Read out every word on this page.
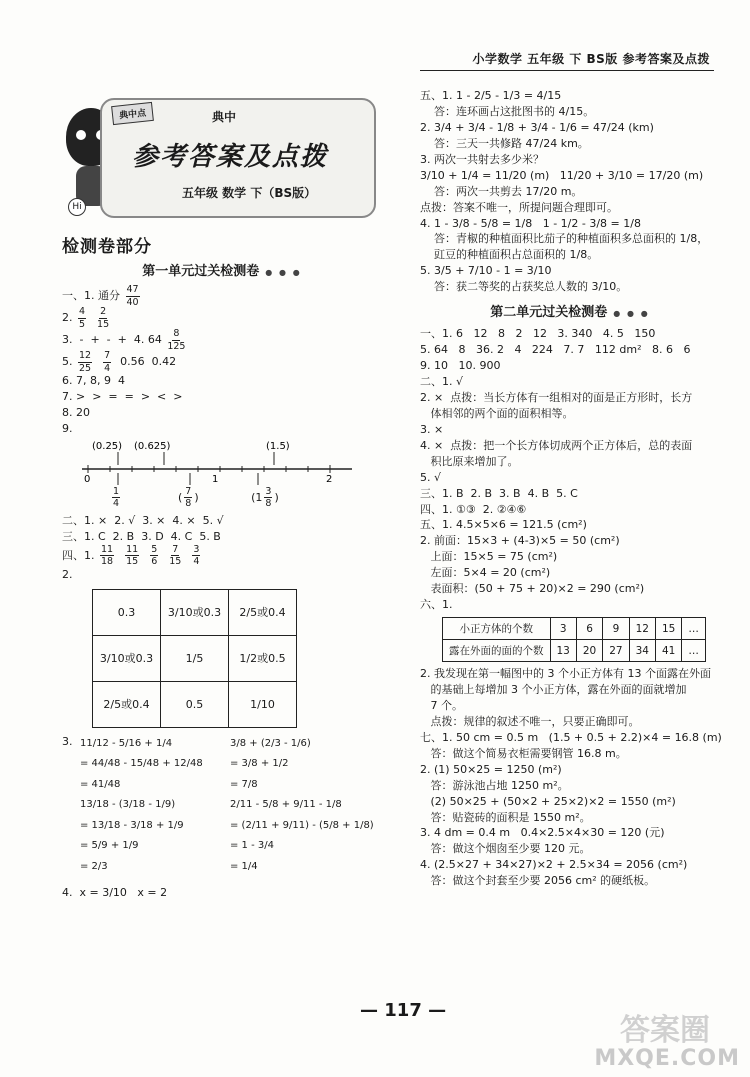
小学数学 五年级 下 BS版 参考答案及点拨
Hi
典中点	典中
参考答案及点拨
五年级 数学 下（BS版）
检测卷部分
第一单元过关检测卷 ● ● ●
一、1. 通分 $\frac{47}{40}$
2. $\frac{4}{5}$
$\frac{2}{15}$
3.  -  +  -  +  4. $64 \frac{8}{125}$
5. $\frac{12}{25}$
$\frac{7}{4} 0.56$  0.42
6. 7, 8, 9  4
7. >  >  =  =  >  <  >
8. 20
9.
(0.25) (0.625)	(1.5)
0	1	2
$\frac{1}{4}$ ( $\frac{7}{8}$ )               ($1 \frac{3}{8}$ )
二、1. ×  2. √  3. ×  4. ×  5. √
三、1. C  2. B  3. D  4. C  5. B
四、1. $\frac{11}{18}$
$\frac{11}{15}$
$\frac{5}{6}$
$\frac{7}{15}$
$\frac{3}{4}$
2.
0.3	3/10或0.3	2/5或0.4
3/10或0.3	1/5	1/2或0.5
2/5或0.4	0.5	1/10
3. 11/12 - 5/16 + 1/4
= 44/48 - 15/48 + 12/48
= 41/48
13/18 - (3/18 - 1/9)
= 13/18 - 3/18 + 1/9
= 5/9 + 1/9
= 2/3
3/8 + (2/3 - 1/6)
= 3/8 + 1/2
= 7/8
2/11 - 5/8 + 9/11 - 1/8
= (2/11 + 9/11) - (5/8 + 1/8)
= 1 - 3/4
= 1/4
4.  x = 3/10   x = 2
五、1. 1 - 2/5 - 1/3 = 4/15
答：连环画占这批图书的 4/15。
2. 3/4 + 3/4 - 1/8 + 3/4 - 1/6 = 47/24 (km)
答：三天一共修路 47/24 km。
3. 两次一共射去多少米？
3/10 + 1/4 = 11/20 (m)   11/20 + 3/10 = 17/20 (m)
答：两次一共剪去 17/20 m。
点拨：答案不唯一，所提问题合理即可。
4. 1 - 3/8 - 5/8 = 1/8   1 - 1/2 - 3/8 = 1/8
答：青椒的种植面积比茄子的种植面积多总面积的 1/8，
豇豆的种植面积占总面积的 1/8。
5. 3/5 + 7/10 - 1 = 3/10
答：获二等奖的占获奖总人数的 3/10。
第二单元过关检测卷 ● ● ●
一、1. 6   12   8   2   12   3. 340   4. 5   150
5. 64   8   36. 2   4   224   7. 7   112 dm²   8. 6   6
9. 10   10. 900
二、1. √
2. ×  点拨：当长方体有一组相对的面是正方形时，长方
体相邻的两个面的面积相等。
3. ×
4. ×  点拨：把一个长方体切成两个正方体后，总的表面
积比原来增加了。
5. √
三、1. B  2. B  3. B  4. B  5. C
四、1. ①③  2. ②④⑥
五、1. 4.5×5×6 = 121.5 (cm²)
2. 前面：15×3 + (4-3)×5 = 50 (cm²)
上面：15×5 = 75 (cm²)
左面：5×4 = 20 (cm²)
表面积：(50 + 75 + 20)×2 = 290 (cm²)
六、1.
小正方体的个数	3	6	9	12	15	…
露在外面的面的个数	13	20	27	34	41	…
2. 我发现在第一幅图中的 3 个小正方体有 13 个面露在外面
的基础上每增加 3 个小正方体，露在外面的面就增加
7 个。
点拨：规律的叙述不唯一，只要正确即可。
七、1. 50 cm = 0.5 m   (1.5 + 0.5 + 2.2)×4 = 16.8 (m)
答：做这个简易衣柜需要钢管 16.8 m。
2. (1) 50×25 = 1250 (m²)
答：游泳池占地 1250 m²。
(2) 50×25 + (50×2 + 25×2)×2 = 1550 (m²)
答：贴瓷砖的面积是 1550 m²。
3. 4 dm = 0.4 m   0.4×2.5×4×30 = 120 (元)
答：做这个烟囱至少要 120 元。
4. (2.5×27 + 34×27)×2 + 2.5×34 = 2056 (cm²)
答：做这个封套至少要 2056 cm² 的硬纸板。
— 117 —
答案圈
MXQE.COM
